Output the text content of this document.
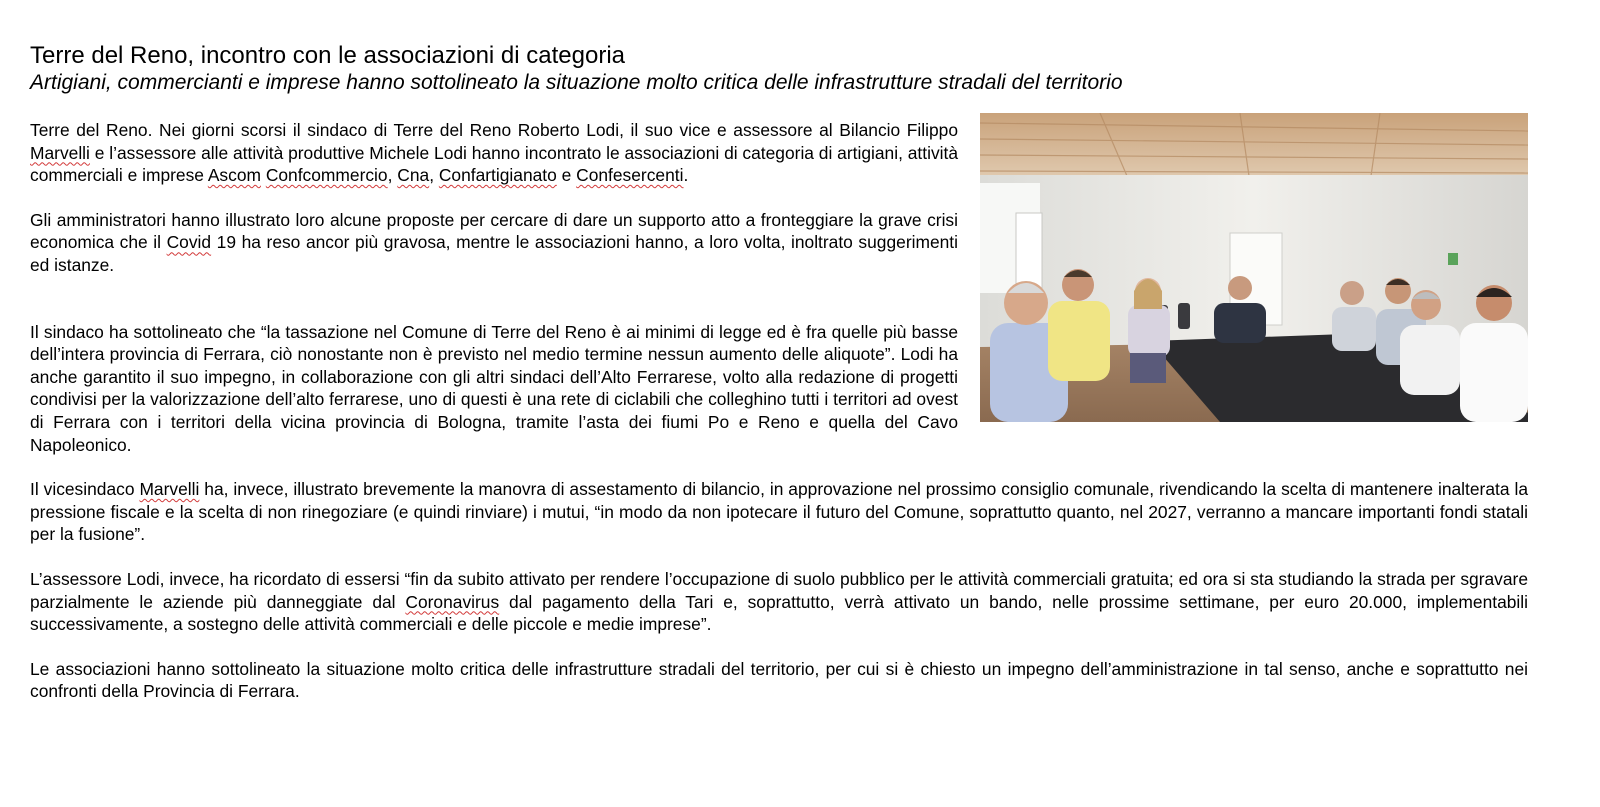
Terre del Reno, incontro con le associazioni di categoria
Artigiani, commercianti e imprese hanno sottolineato la situazione molto critica delle infrastrutture stradali del territorio

Terre del Reno. Nei giorni scorsi il sindaco di Terre del Reno Roberto Lodi, il suo vice e assessore al Bilancio Filippo Marvelli e l’assessore alle attività produttive Michele Lodi hanno incontrato le associazioni di categoria di artigiani, attività commerciali e imprese Ascom Confcommercio, Cna, Confartigianato e Confesercenti.

Gli amministratori hanno illustrato loro alcune proposte per cercare di dare un supporto atto a fronteggiare la grave crisi economica che il Covid 19 ha reso ancor più gravosa, mentre le associazioni hanno, a loro volta, inoltrato suggerimenti ed istanze.

Il sindaco ha sottolineato che “la tassazione nel Comune di Terre del Reno è ai minimi di legge ed è fra quelle più basse dell’intera provincia di Ferrara, ciò nonostante non è previsto nel medio termine nessun aumento delle aliquote”. Lodi ha anche garantito il suo impegno, in collaborazione con gli altri sindaci dell’Alto Ferrarese, volto alla redazione di progetti condivisi per la valorizzazione dell’alto ferrarese, uno di questi è una rete di ciclabili che colleghino tutti i territori ad ovest di Ferrara con i territori della vicina provincia di Bologna, tramite l’asta dei fiumi Po e Reno e quella del Cavo Napoleonico.

Il vicesindaco Marvelli ha, invece, illustrato brevemente la manovra di assestamento di bilancio, in approvazione nel prossimo consiglio comunale, rivendicando la scelta di mantenere inalterata la pressione fiscale e la scelta di non rinegoziare (e quindi rinviare) i mutui, “in modo da non ipotecare il futuro del Comune, soprattutto quanto, nel 2027, verranno a mancare importanti fondi statali per la fusione”.

L’assessore Lodi, invece, ha ricordato di essersi “fin da subito attivato per rendere l’occupazione di suolo pubblico per le attività commerciali gratuita; ed ora si sta studiando la strada per sgravare parzialmente le aziende più danneggiate dal Coronavirus dal pagamento della Tari e, soprattutto, verrà attivato un bando, nelle prossime settimane, per euro 20.000, implementabili successivamente, a sostegno delle attività commerciali e delle piccole e medie imprese”.

Le associazioni hanno sottolineato la situazione molto critica delle infrastrutture stradali del territorio, per cui si è chiesto un impegno dell’amministrazione in tal senso, anche e soprattutto nei confronti della Provincia di Ferrara.
